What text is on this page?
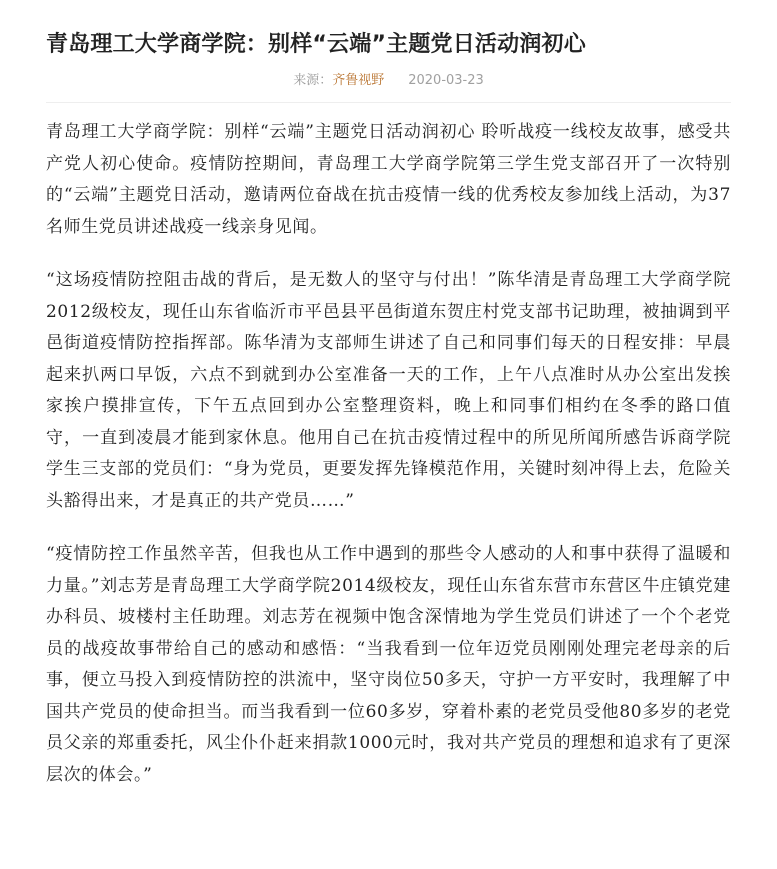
青岛理工大学商学院：别样“云端”主题党日活动润初心
来源：齐鲁视野 2020-03-23

青岛理工大学商学院：别样“云端”主题党日活动润初心 聆听战疫一线校友故事，感受共产党人初心使命。疫情防控期间，青岛理工大学商学院第三学生党支部召开了一次特别的“云端”主题党日活动，邀请两位奋战在抗击疫情一线的优秀校友参加线上活动，为37名师生党员讲述战疫一线亲身见闻。

“这场疫情防控阻击战的背后，是无数人的坚守与付出！”陈华清是青岛理工大学商学院2012级校友，现任山东省临沂市平邑县平邑街道东贺庄村党支部书记助理，被抽调到平邑街道疫情防控指挥部。陈华清为支部师生讲述了自己和同事们每天的日程安排：早晨起来扒两口早饭，六点不到就到办公室准备一天的工作，上午八点准时从办公室出发挨家挨户摸排宣传，下午五点回到办公室整理资料，晚上和同事们相约在冬季的路口值守，一直到凌晨才能到家休息。他用自己在抗击疫情过程中的所见所闻所感告诉商学院学生三支部的党员们：“身为党员，更要发挥先锋模范作用，关键时刻冲得上去，危险关头豁得出来，才是真正的共产党员……”

“疫情防控工作虽然辛苦，但我也从工作中遇到的那些令人感动的人和事中获得了温暖和力量。”刘志芳是青岛理工大学商学院2014级校友，现任山东省东营市东营区牛庄镇党建办科员、坡楼村主任助理。刘志芳在视频中饱含深情地为学生党员们讲述了一个个老党员的战疫故事带给自己的感动和感悟：“当我看到一位年迈党员刚刚处理完老母亲的后事，便立马投入到疫情防控的洪流中，坚守岗位50多天，守护一方平安时，我理解了中国共产党员的使命担当。而当我看到一位60多岁，穿着朴素的老党员受他80多岁的老党员父亲的郑重委托，风尘仆仆赶来捐款1000元时，我对共产党员的理想和追求有了更深层次的体会。”
